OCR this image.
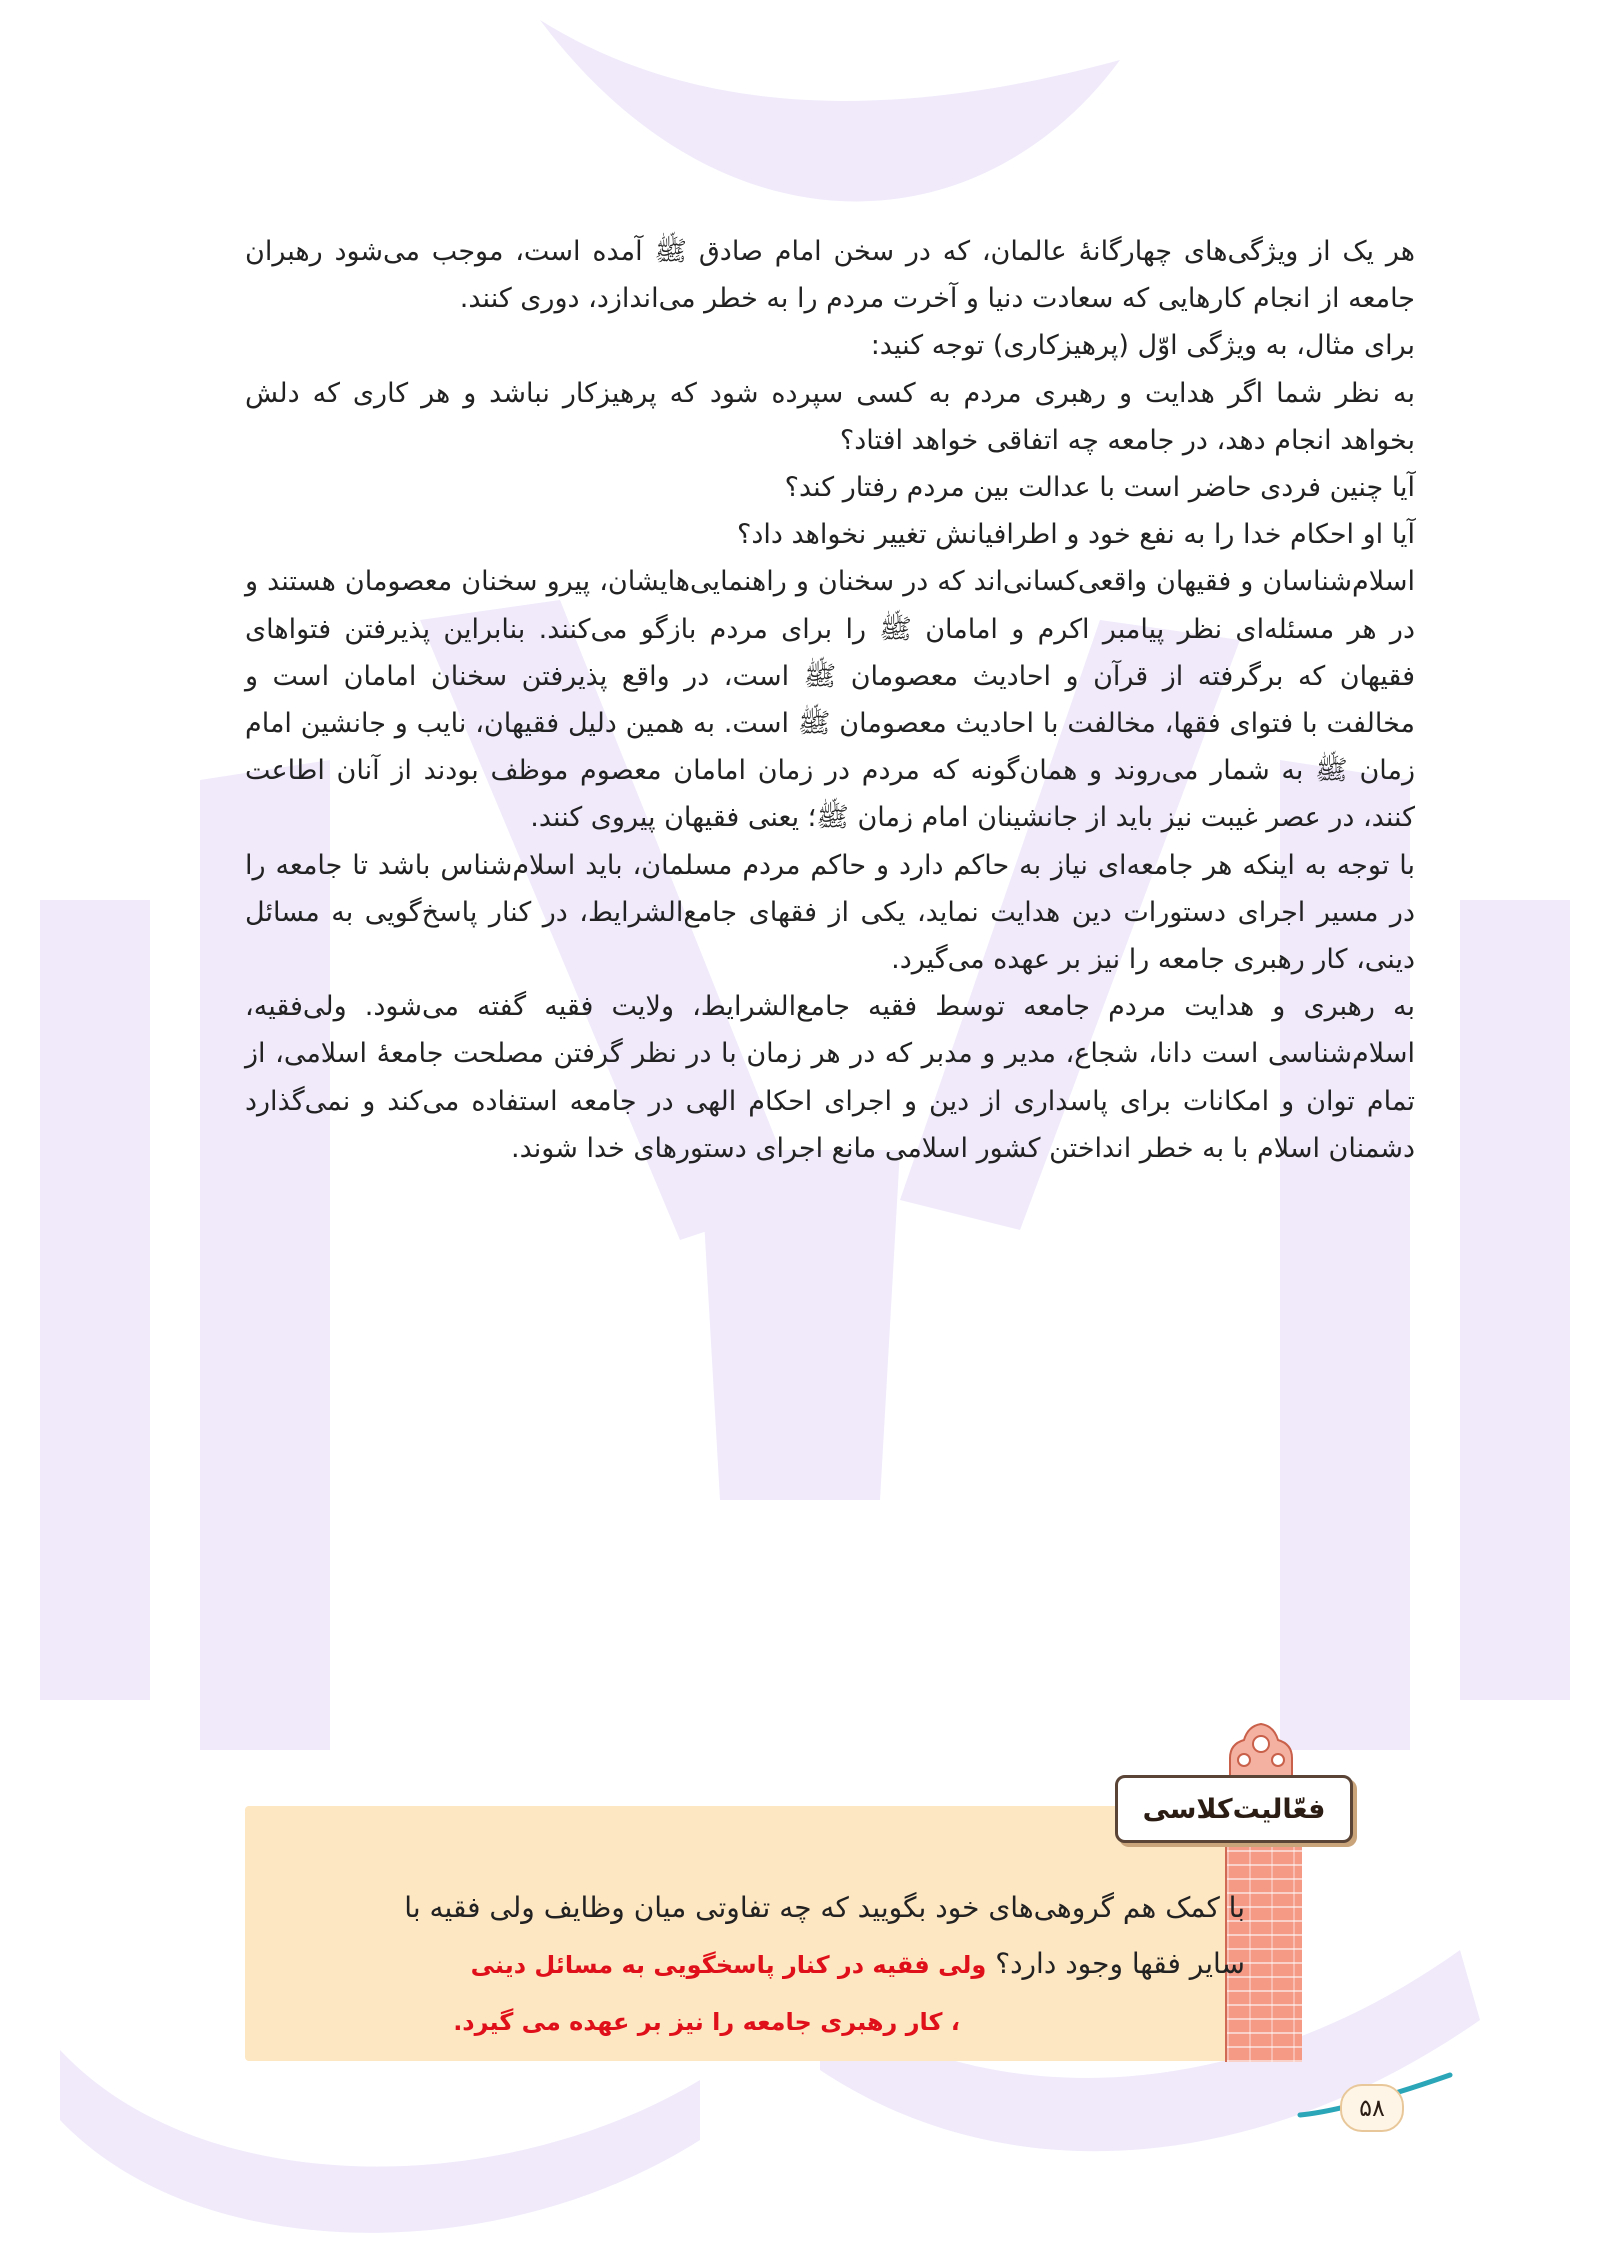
هر یک از ویژگی‌های چهارگانهٔ عالمان، که در سخن امام صادق ﷺ آمده است، موجب می‌شود رهبران جامعه از انجام کارهایی که سعادت دنیا و آخرت مردم را به خطر می‌اندازد، دوری کنند.

برای مثال، به ویژگی اوّل (پرهیزکاری) توجه کنید:

به نظر شما اگر هدایت و رهبری مردم به کسی سپرده شود که پرهیزکار نباشد و هر کاری که دلش بخواهد انجام دهد، در جامعه چه اتفاقی خواهد افتاد؟

آیا چنین فردی حاضر است با عدالت بین مردم رفتار کند؟

آیا او احکام خدا را به نفع خود و اطرافیانش تغییر نخواهد داد؟

اسلام‌شناسان و فقیهان واقعی‌کسانی‌اند که در سخنان و راهنمایی‌هایشان، پیرو سخنان معصومان هستند و در هر مسئله‌ای نظر پیامبر اکرم و امامان ﷺ را برای مردم بازگو می‌کنند. بنابراین پذیرفتن فتواهای فقیهان که برگرفته از قرآن و احادیث معصومان ﷺ است، در واقع پذیرفتن سخنان امامان است و مخالفت با فتوای فقها، مخالفت با احادیث معصومان ﷺ است. به همین دلیل فقیهان، نایب و جانشین امام زمان ﷺ به شمار می‌روند و همان‌گونه که مردم در زمان امامان معصوم موظف بودند از آنان اطاعت کنند، در عصر غیبت نیز باید از جانشینان امام زمان ﷺ؛ یعنی فقیهان پیروی کنند.

با توجه به اینکه هر جامعه‌ای نیاز به حاکم دارد و حاکم مردم مسلمان، باید اسلام‌شناس باشد تا جامعه را در مسیر اجرای دستورات دین هدایت نماید، یکی از فقهای جامع‌الشرایط، در کنار پاسخ‌گویی به مسائل دینی، کار رهبری جامعه را نیز بر عهده می‌گیرد.

به رهبری و هدایت مردم جامعه توسط فقیه جامع‌الشرایط، ولایت فقیه گفته می‌شود. ولی‌فقیه، اسلام‌شناسی است دانا، شجاع، مدیر و مدبر که در هر زمان با در نظر گرفتن مصلحت جامعهٔ اسلامی، از تمام توان و امکانات برای پاسداری از دین و اجرای احکام الهی در جامعه استفاده می‌کند و نمی‌گذارد دشمنان اسلام با به خطر انداختن کشور اسلامی مانع اجرای دستورهای خدا شوند.

فعّالیت‌کلاسی

با کمک هم گروهی‌های خود بگویید که چه تفاوتی میان وظایف ولی فقیه با

سایر فقها وجود دارد؟ ولی فقیه در کنار پاسخگویی به مسائل دینی

، کار رهبری جامعه را نیز بر عهده می گیرد.
۵۸
